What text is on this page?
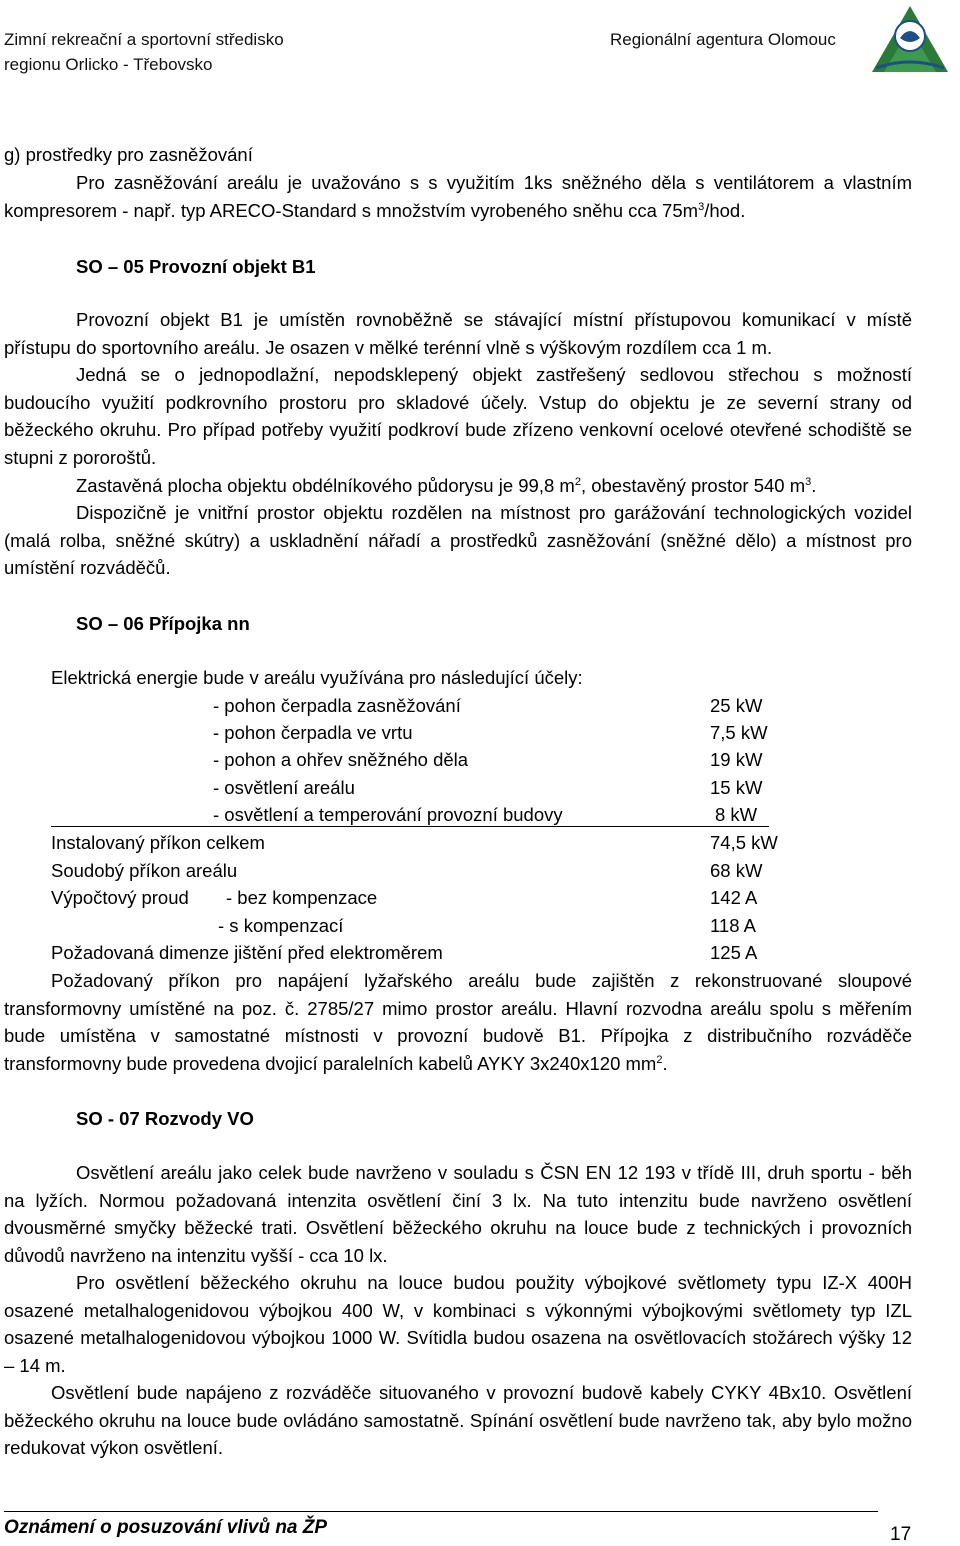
Zimní rekreační a sportovní středisko
regionu Orlicko - Třebovsko
Regionální agentura Olomouc
g) prostředky pro zasněžování
Pro zasněžování areálu je uvažováno s s využitím 1ks sněžného děla s ventilátorem a vlastním kompresorem - např. typ ARECO-Standard s množstvím vyrobeného sněhu cca $75m^3$/hod.
SO – 05 Provozní objekt B1
Provozní objekt B1 je umístěn rovnoběžně se stávající místní přístupovou komunikací v místě přístupu do sportovního areálu. Je osazen v mělké terénní vlně s výškovým rozdílem cca 1 m.
Jedná se o jednopodlažní, nepodsklepený objekt zastřešený sedlovou střechou s možností budoucího využití podkrovního prostoru pro skladové účely. Vstup do objektu je ze severní strany od běžeckého okruhu. Pro případ potřeby využití podkroví bude zřízeno venkovní ocelové otevřené schodiště se stupni z pororoštů.
Zastavěná plocha objektu obdélníkového půdorysu je 99,8 $m^2$, obestavěný prostor 540 $m^3$.
Dispozičně je vnitřní prostor objektu rozdělen na místnost pro garážování technologických vozidel (malá rolba, sněžné skútry) a uskladnění nářadí a prostředků zasněžování (sněžné dělo) a místnost pro umístění rozváděčů.
SO – 06 Přípojka nn
Elektrická energie bude v areálu využívána pro následující účely:
- pohon čerpadla zasněžování	25 kW
- pohon čerpadla ve vrtu	7,5 kW
- pohon a ohřev sněžného děla	19 kW
- osvětlení areálu	15 kW
- osvětlení a temperování provozní budovy	8 kW
Instalovaný příkon celkem	74,5 kW
Soudobý příkon areálu	68 kW
Výpočtový proud - bez kompenzace	142 A
- s kompenzací	118 A
Požadovaná dimenze jištění před elektroměrem	125 A
Požadovaný příkon pro napájení lyžařského areálu bude zajištěn z rekonstruované sloupové transformovny umístěné na poz. č. 2785/27 mimo prostor areálu. Hlavní rozvodna areálu spolu s měřením bude umístěna v samostatné místnosti v provozní budově B1. Přípojka z distribučního rozváděče transformovny bude provedena dvojicí paralelních kabelů AYKY 3x240x120 $mm^2$.
SO - 07 Rozvody VO
Osvětlení areálu jako celek bude navrženo v souladu s ČSN EN 12 193 v třídě III, druh sportu - běh na lyžích. Normou požadovaná intenzita osvětlení činí 3 lx. Na tuto intenzitu bude navrženo osvětlení dvousměrné smyčky běžecké trati. Osvětlení běžeckého okruhu na louce bude z technických i provozních důvodů navrženo na intenzitu vyšší - cca 10 lx.
Pro osvětlení běžeckého okruhu na louce budou použity výbojkové světlomety typu IZ-X 400H osazené metalhalogenidovou výbojkou 400 W, v kombinaci s výkonnými výbojkovými světlomety typ IZL osazené metalhalogenidovou výbojkou 1000 W. Svítidla budou osazena na osvětlovacích stožárech výšky 12 – 14 m.
Osvětlení bude napájeno z rozváděče situovaného v provozní budově kabely CYKY 4Bx10. Osvětlení běžeckého okruhu na louce bude ovládáno samostatně. Spínání osvětlení bude navrženo tak, aby bylo možno redukovat výkon osvětlení.
Oznámení o posuzování vlivů na ŽP	17
